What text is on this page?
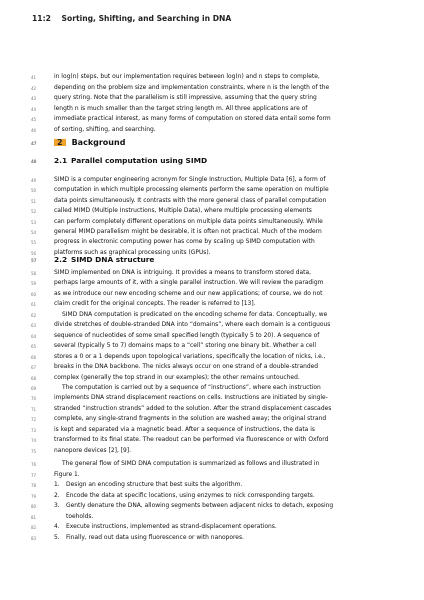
11:2 Sorting, Shifting, and Searching in DNA
41	in log(n) steps, but our implementation requires between log(n) and n steps to complete,
42	depending on the problem size and implementation constraints, where n is the length of the
43	query string. Note that the parallelism is still impressive, assuming that the query string
44	length n is much smaller than the target string length m. All three applications are of
45	immediate practical interest, as many forms of computation on stored data entail some form
46	of sorting, shifting, and searching.
47	2 Background
48	2.1 Parallel computation using SIMD
49	SIMD is a computer engineering acronym for Single Instruction, Multiple Data [6], a form of
50	computation in which multiple processing elements perform the same operation on multiple
51	data points simultaneously. It contrasts with the more general class of parallel computation
52	called MIMD (Multiple Instructions, Multiple Data), where multiple processing elements
53	can perform completely different operations on multiple data points simultaneously. While
54	general MIMD parallelism might be desirable, it is often not practical. Much of the modern
55	progress in electronic computing power has come by scaling up SIMD computation with
56	platforms such as graphical processing units (GPUs).
57	2.2 SIMD DNA structure
58	SIMD implemented on DNA is intriguing. It provides a means to transform stored data,
59	perhaps large amounts of it, with a single parallel instruction. We will review the paradigm
60	as we introduce our new encoding scheme and our new applications; of course, we do not
61	claim credit for the original concepts. The reader is referred to [13].
62	SIMD DNA computation is predicated on the encoding scheme for data. Conceptually, we
63	divide stretches of double-stranded DNA into “domains”, where each domain is a contiguous
64	sequence of nucleotides of some small specified length (typically 5 to 20). A sequence of
65	several (typically 5 to 7) domains maps to a “cell” storing one binary bit. Whether a cell
66	stores a 0 or a 1 depends upon topological variations, specifically the location of nicks, i.e.,
67	breaks in the DNA backbone. The nicks always occur on one strand of a double-stranded
68	complex (generally the top strand in our examples); the other remains untouched.
69	The computation is carried out by a sequence of “instructions”, where each instruction
70	implements DNA strand displacement reactions on cells. Instructions are initiated by single-
71	stranded “instruction strands” added to the solution. After the strand displacement cascades
72	complete, any single-strand fragments in the solution are washed away; the original strand
73	is kept and separated via a magnetic bead. After a sequence of instructions, the data is
74	transformed to its final state. The readout can be performed via fluorescence or with Oxford
75	nanopore devices [2], [9].
76	The general flow of SIMD DNA computation is summarized as follows and illustrated in
77	Figure 1.
78	1. Design an encoding structure that best suits the algorithm.
79	2. Encode the data at specific locations, using enzymes to nick corresponding targets.
80	3. Gently denature the DNA, allowing segments between adjacent nicks to detach, exposing
81	toeholds.
82	4. Execute instructions, implemented as strand-displacement operations.
83	5. Finally, read out data using fluorescence or with nanopores.
